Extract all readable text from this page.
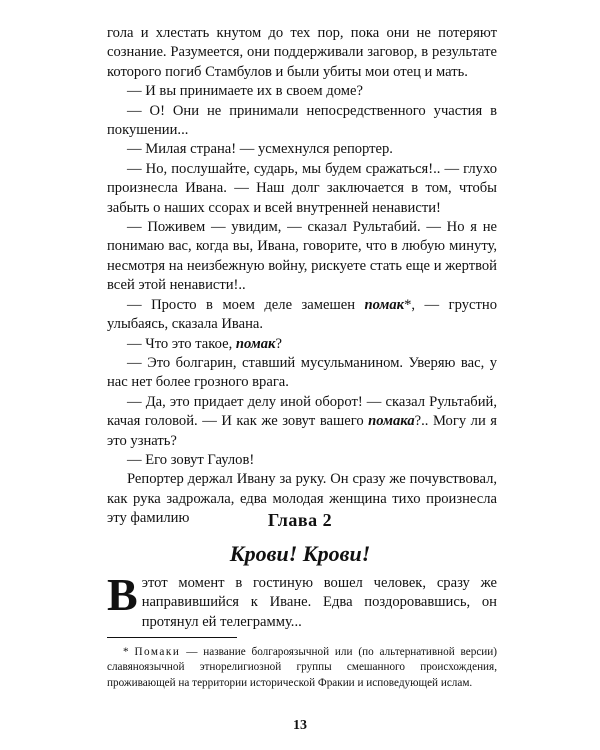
гола и хлестать кнутом до тех пор, пока они не потеряют сознание. Разумеется, они поддерживали заговор, в результате которого погиб Стамбулов и были убиты мои отец и мать.

— И вы принимаете их в своем доме?

— О! Они не принимали непосредственного участия в покушении...

— Милая страна! — усмехнулся репортер.

— Но, послушайте, сударь, мы будем сражаться!.. — глухо произнесла Ивана. — Наш долг заключается в том, чтобы забыть о наших ссорах и всей внутренней ненависти!

— Поживем — увидим, — сказал Рультабий. — Но я не понимаю вас, когда вы, Ивана, говорите, что в любую минуту, несмотря на неизбежную войну, рискуете стать еще и жертвой всей этой ненависти!..

— Просто в моем деле замешен помак*, — грустно улыбаясь, сказала Ивана.

— Что это такое, помак?

— Это болгарин, ставший мусульманином. Уверяю вас, у нас нет более грозного врага.

— Да, это придает делу иной оборот! — сказал Рультабий, качая головой. — И как же зовут вашего помака?.. Могу ли я это узнать?

— Его зовут Гаулов!

Репортер держал Ивану за руку. Он сразу же почувствовал, как рука задрожала, едва молодая женщина тихо произнесла эту фамилию	Глава 2
Крови! Крови!
Вэтот момент в гостиную вошел человек, сразу же направившийся к Иване. Едва поздоровавшись, он протянул ей телеграмму...
* Помаки — название болгароязычной или (по альтернативной версии) славяноязычной этнорелигиозной группы смешанного происхождения, проживающей на территории исторической Фракии и исповедующей ислам.
13
